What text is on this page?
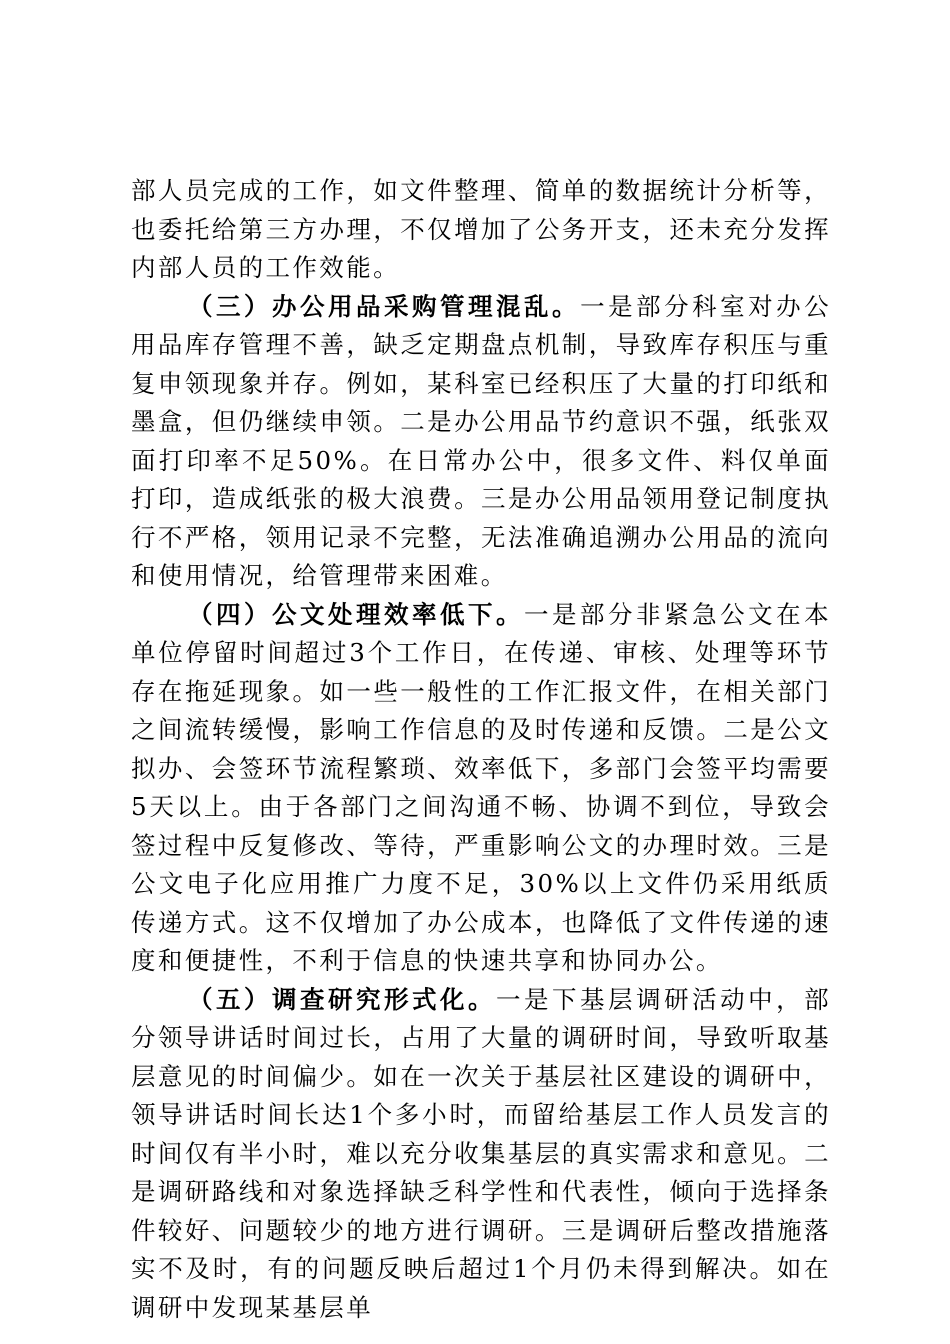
部人员完成的工作，如文件整理、简单的数据统计分析等，也委托给第三方办理，不仅增加了公务开支，还未充分发挥内部人员的工作效能。

（三）办公用品采购管理混乱。一是部分科室对办公用品库存管理不善，缺乏定期盘点机制，导致库存积压与重复申领现象并存。例如，某科室已经积压了大量的打印纸和墨盒，但仍继续申领。二是办公用品节约意识不强，纸张双面打印率不足50%。在日常办公中，很多文件、料仅单面打印，造成纸张的极大浪费。三是办公用品领用登记制度执行不严格，领用记录不完整，无法准确追溯办公用品的流向和使用情况，给管理带来困难。

（四）公文处理效率低下。一是部分非紧急公文在本单位停留时间超过3个工作日，在传递、审核、处理等环节存在拖延现象。如一些一般性的工作汇报文件，在相关部门之间流转缓慢，影响工作信息的及时传递和反馈。二是公文拟办、会签环节流程繁琐、效率低下，多部门会签平均需要5天以上。由于各部门之间沟通不畅、协调不到位，导致会签过程中反复修改、等待，严重影响公文的办理时效。三是公文电子化应用推广力度不足，30%以上文件仍采用纸质传递方式。这不仅增加了办公成本，也降低了文件传递的速度和便捷性，不利于信息的快速共享和协同办公。

（五）调查研究形式化。一是下基层调研活动中，部分领导讲话时间过长，占用了大量的调研时间，导致听取基层意见的时间偏少。如在一次关于基层社区建设的调研中，领导讲话时间长达1个多小时，而留给基层工作人员发言的时间仅有半小时，难以充分收集基层的真实需求和意见。二是调研路线和对象选择缺乏科学性和代表性，倾向于选择条件较好、问题较少的地方进行调研。三是调研后整改措施落实不及时，有的问题反映后超过1个月仍未得到解决。如在调研中发现某基层单
